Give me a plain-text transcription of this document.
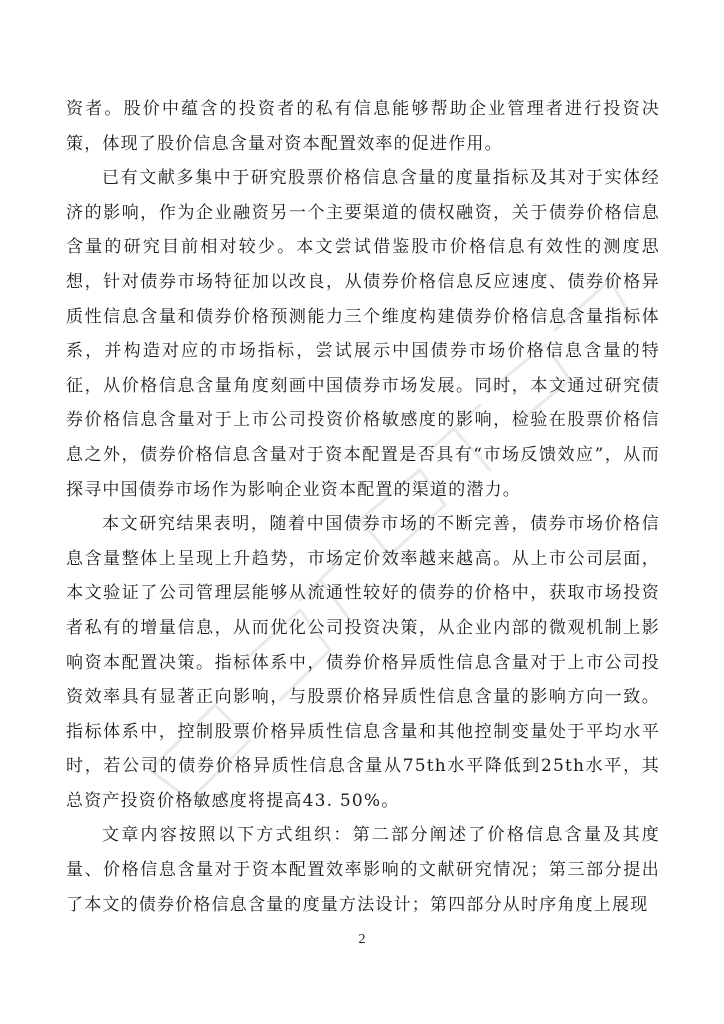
资者。股价中蕴含的投资者的私有信息能够帮助企业管理者进行投资决策，体现了股价信息含量对资本配置效率的促进作用。

已有文献多集中于研究股票价格信息含量的度量指标及其对于实体经济的影响，作为企业融资另一个主要渠道的债权融资，关于债券价格信息含量的研究目前相对较少。本文尝试借鉴股市价格信息有效性的测度思想，针对债券市场特征加以改良，从债券价格信息反应速度、债券价格异质性信息含量和债券价格预测能力三个维度构建债券价格信息含量指标体系，并构造对应的市场指标，尝试展示中国债券市场价格信息含量的特征，从价格信息含量角度刻画中国债券市场发展。同时，本文通过研究债券价格信息含量对于上市公司投资价格敏感度的影响，检验在股票价格信息之外，债券价格信息含量对于资本配置是否具有“市场反馈效应”，从而探寻中国债券市场作为影响企业资本配置的渠道的潜力。

本文研究结果表明，随着中国债券市场的不断完善，债券市场价格信息含量整体上呈现上升趋势，市场定价效率越来越高。从上市公司层面，本文验证了公司管理层能够从流通性较好的债券的价格中，获取市场投资者私有的增量信息，从而优化公司投资决策，从企业内部的微观机制上影响资本配置决策。指标体系中，债券价格异质性信息含量对于上市公司投资效率具有显著正向影响，与股票价格异质性信息含量的影响方向一致。指标体系中，控制股票价格异质性信息含量和其他控制变量处于平均水平时，若公司的债券价格异质性信息含量从75th水平降低到25th水平，其总资产投资价格敏感度将提高43. 50%。

文章内容按照以下方式组织：第二部分阐述了价格信息含量及其度量、价格信息含量对于资本配置效率影响的文献研究情况；第三部分提出了本文的债券价格信息含量的度量方法设计；第四部分从时序角度上展现

2
